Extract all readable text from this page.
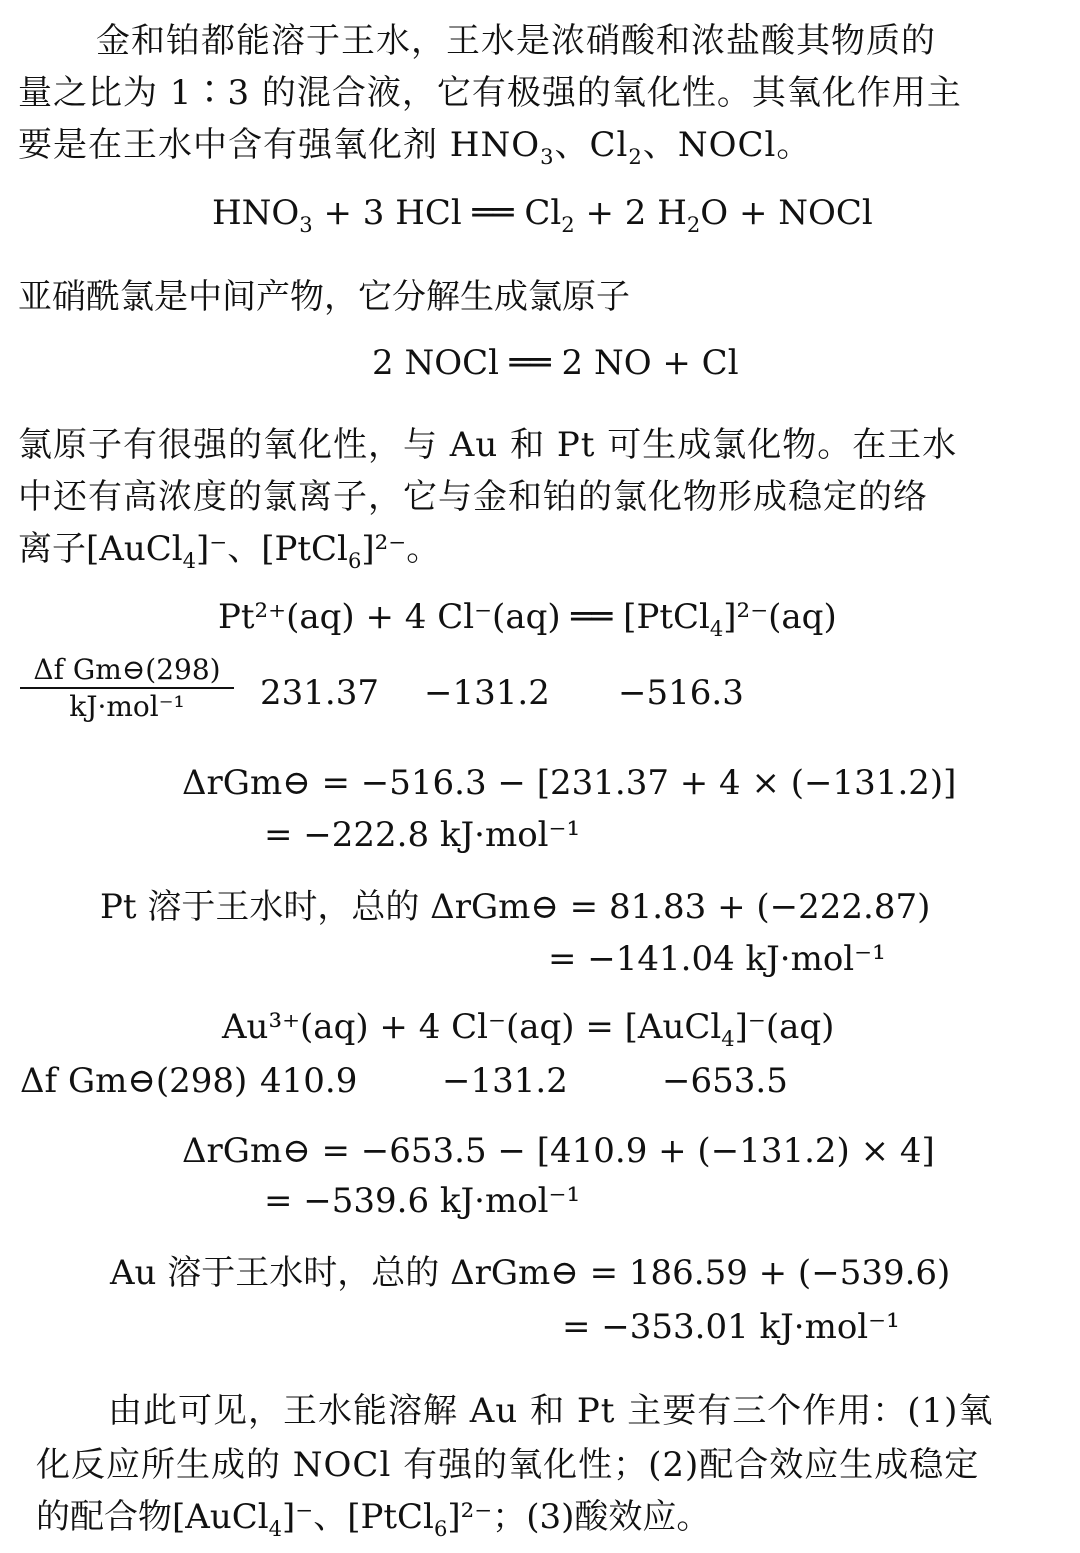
金和铂都能溶于王水，王水是浓硝酸和浓盐酸其物质的
量之比为 1∶3 的混合液，它有极强的氧化性。其氧化作用主
要是在王水中含有强氧化剂 $HNO_3$、$Cl_2$、NOCl。
$HNO_3 + 3$ HCl ══ $Cl_2 + 2$ $H_2O$ + NOCl
亚硝酰氯是中间产物，它分解生成氯原子
2 NOCl ══ 2 NO + Cl
氯原子有很强的氧化性，与 Au 和 Pt 可生成氯化物。在王水
中还有高浓度的氯离子，它与金和铂的氯化物形成稳定的络
离子[AuCl$_4$]⁻、[PtCl$_6$]²⁻。
Pt²⁺(aq) + 4 Cl⁻(aq) ══ [PtCl$_4$]²⁻(aq)
Δf Gm⊖(298)
kJ·mol⁻¹	231.37 −131.2 −516.3
ΔrGm⊖ = −516.3 − [231.37 + 4 × (−131.2)]
= −222.8 kJ·mol⁻¹
Pt 溶于王水时，总的 ΔrGm⊖ = 81.83 + (−222.87)
= −141.04 kJ·mol⁻¹
Au³⁺(aq) + 4 Cl⁻(aq) = [AuCl$_4$]⁻(aq)
Δf Gm⊖(298) 410.9 −131.2	−653.5
ΔrGm⊖ = −653.5 − [410.9 + (−131.2) × 4]
= −539.6 kJ·mol⁻¹
Au 溶于王水时，总的 ΔrGm⊖ = 186.59 + (−539.6)
= −353.01 kJ·mol⁻¹
由此可见，王水能溶解 Au 和 Pt 主要有三个作用：(1)氧
化反应所生成的 NOCl 有强的氧化性；(2)配合效应生成稳定
的配合物[AuCl$_4$]⁻、[PtCl$_6$]²⁻；(3)酸效应。
